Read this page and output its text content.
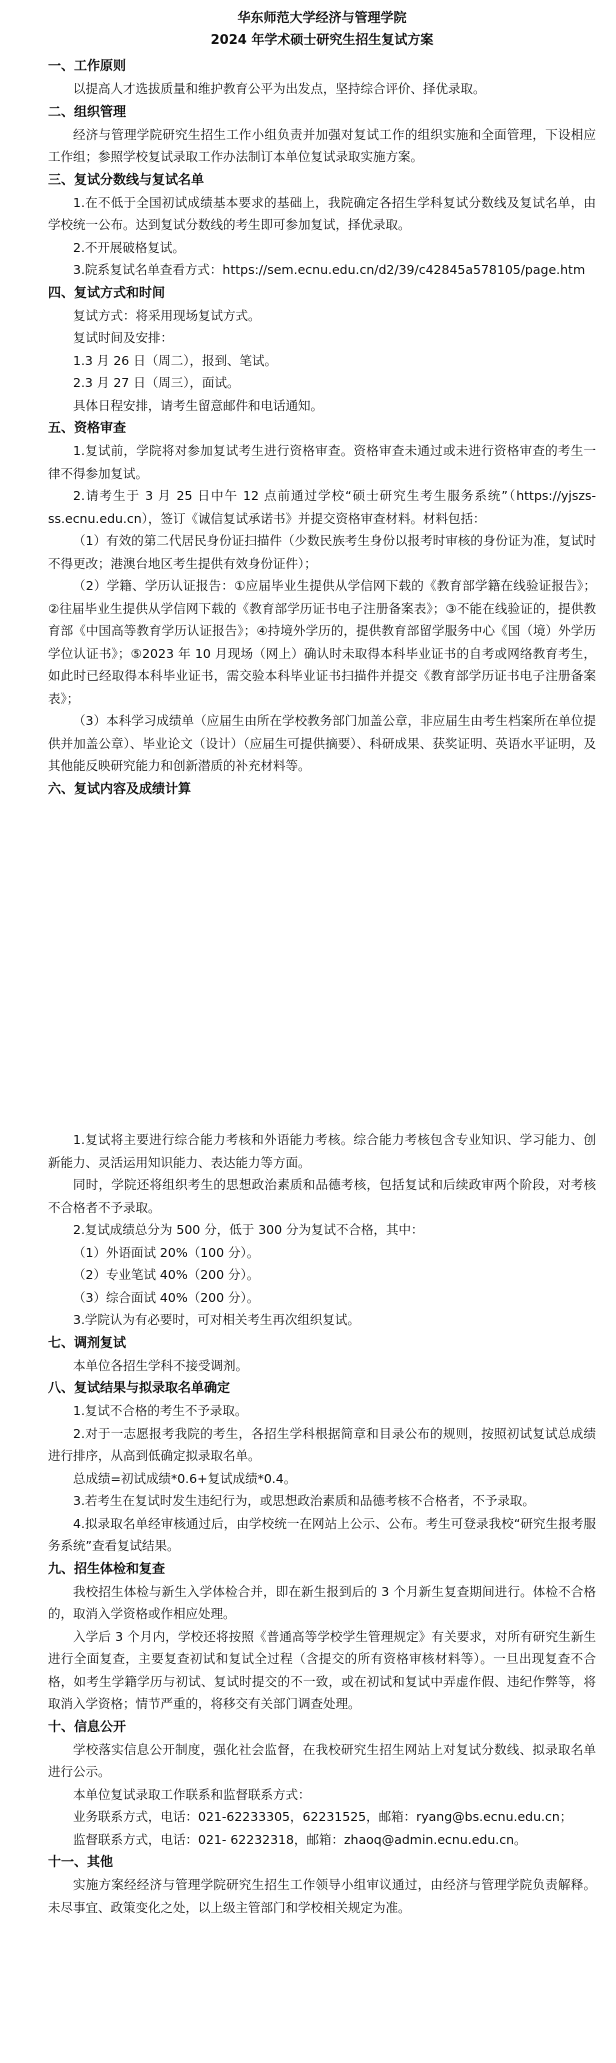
华东师范大学经济与管理学院
2024 年学术硕士研究生招生复试方案
一、工作原则
以提高人才选拔质量和维护教育公平为出发点，坚持综合评价、择优录取。
二、组织管理
经济与管理学院研究生招生工作小组负责并加强对复试工作的组织实施和全面管理，下设相应工作组；参照学校复试录取工作办法制订本单位复试录取实施方案。
三、复试分数线与复试名单
1.在不低于全国初试成绩基本要求的基础上，我院确定各招生学科复试分数线及复试名单，由学校统一公布。达到复试分数线的考生即可参加复试，择优录取。
2.不开展破格复试。
3.院系复试名单查看方式：https://sem.ecnu.edu.cn/d2/39/c42845a578105/page.htm
四、复试方式和时间
复试方式：将采用现场复试方式。
复试时间及安排：
1.3 月 26 日（周二），报到、笔试。
2.3 月 27 日（周三），面试。
具体日程安排，请考生留意邮件和电话通知。
五、资格审查
1.复试前，学院将对参加复试考生进行资格审查。资格审查未通过或未进行资格审查的考生一律不得参加复试。
2.请考生于 3 月 25 日中午 12 点前通过学校“硕士研究生考生服务系统”（https://yjszs-ss.ecnu.edu.cn），签订《诚信复试承诺书》并提交资格审查材料。材料包括：
（1）有效的第二代居民身份证扫描件（少数民族考生身份以报考时审核的身份证为准，复试时不得更改；港澳台地区考生提供有效身份证件）；
（2）学籍、学历认证报告：①应届毕业生提供从学信网下载的《教育部学籍在线验证报告》；②往届毕业生提供从学信网下载的《教育部学历证书电子注册备案表》；③不能在线验证的，提供教育部《中国高等教育学历认证报告》；④持境外学历的，提供教育部留学服务中心《国（境）外学历学位认证书》；⑤2023 年 10 月现场（网上）确认时未取得本科毕业证书的自考或网络教育考生，如此时已经取得本科毕业证书，需交验本科毕业证书扫描件并提交《教育部学历证书电子注册备案表》；
（3）本科学习成绩单（应届生由所在学校教务部门加盖公章，非应届生由考生档案所在单位提供并加盖公章）、毕业论文（设计）（应届生可提供摘要）、科研成果、获奖证明、英语水平证明，及其他能反映研究能力和创新潜质的补充材料等。
六、复试内容及成绩计算
1.复试将主要进行综合能力考核和外语能力考核。综合能力考核包含专业知识、学习能力、创新能力、灵活运用知识能力、表达能力等方面。
同时，学院还将组织考生的思想政治素质和品德考核，包括复试和后续政审两个阶段，对考核不合格者不予录取。
2.复试成绩总分为 500 分，低于 300 分为复试不合格，其中：
（1）外语面试 20%（100 分）。
（2）专业笔试 40%（200 分）。
（3）综合面试 40%（200 分）。
3.学院认为有必要时，可对相关考生再次组织复试。
七、调剂复试
本单位各招生学科不接受调剂。
八、复试结果与拟录取名单确定
1.复试不合格的考生不予录取。
2.对于一志愿报考我院的考生，各招生学科根据简章和目录公布的规则，按照初试复试总成绩进行排序，从高到低确定拟录取名单。
总成绩=初试成绩*0.6+复试成绩*0.4。
3.若考生在复试时发生违纪行为，或思想政治素质和品德考核不合格者，不予录取。
4.拟录取名单经审核通过后，由学校统一在网站上公示、公布。考生可登录我校“研究生报考服务系统”查看复试结果。
九、招生体检和复查
我校招生体检与新生入学体检合并，即在新生报到后的 3 个月新生复查期间进行。体检不合格的，取消入学资格或作相应处理。
入学后 3 个月内，学校还将按照《普通高等学校学生管理规定》有关要求，对所有研究生新生进行全面复查，主要复查初试和复试全过程（含提交的所有资格审核材料等）。一旦出现复查不合格，如考生学籍学历与初试、复试时提交的不一致，或在初试和复试中弄虚作假、违纪作弊等，将取消入学资格；情节严重的，将移交有关部门调查处理。
十、信息公开
学校落实信息公开制度，强化社会监督，在我校研究生招生网站上对复试分数线、拟录取名单进行公示。
本单位复试录取工作联系和监督联系方式：
业务联系方式，电话：021-62233305，62231525，邮箱：ryang@bs.ecnu.edu.cn；
监督联系方式，电话：021- 62232318，邮箱：zhaoq@admin.ecnu.edu.cn。
十一、其他
实施方案经经济与管理学院研究生招生工作领导小组审议通过，由经济与管理学院负责解释。未尽事宜、政策变化之处，以上级主管部门和学校相关规定为准。
